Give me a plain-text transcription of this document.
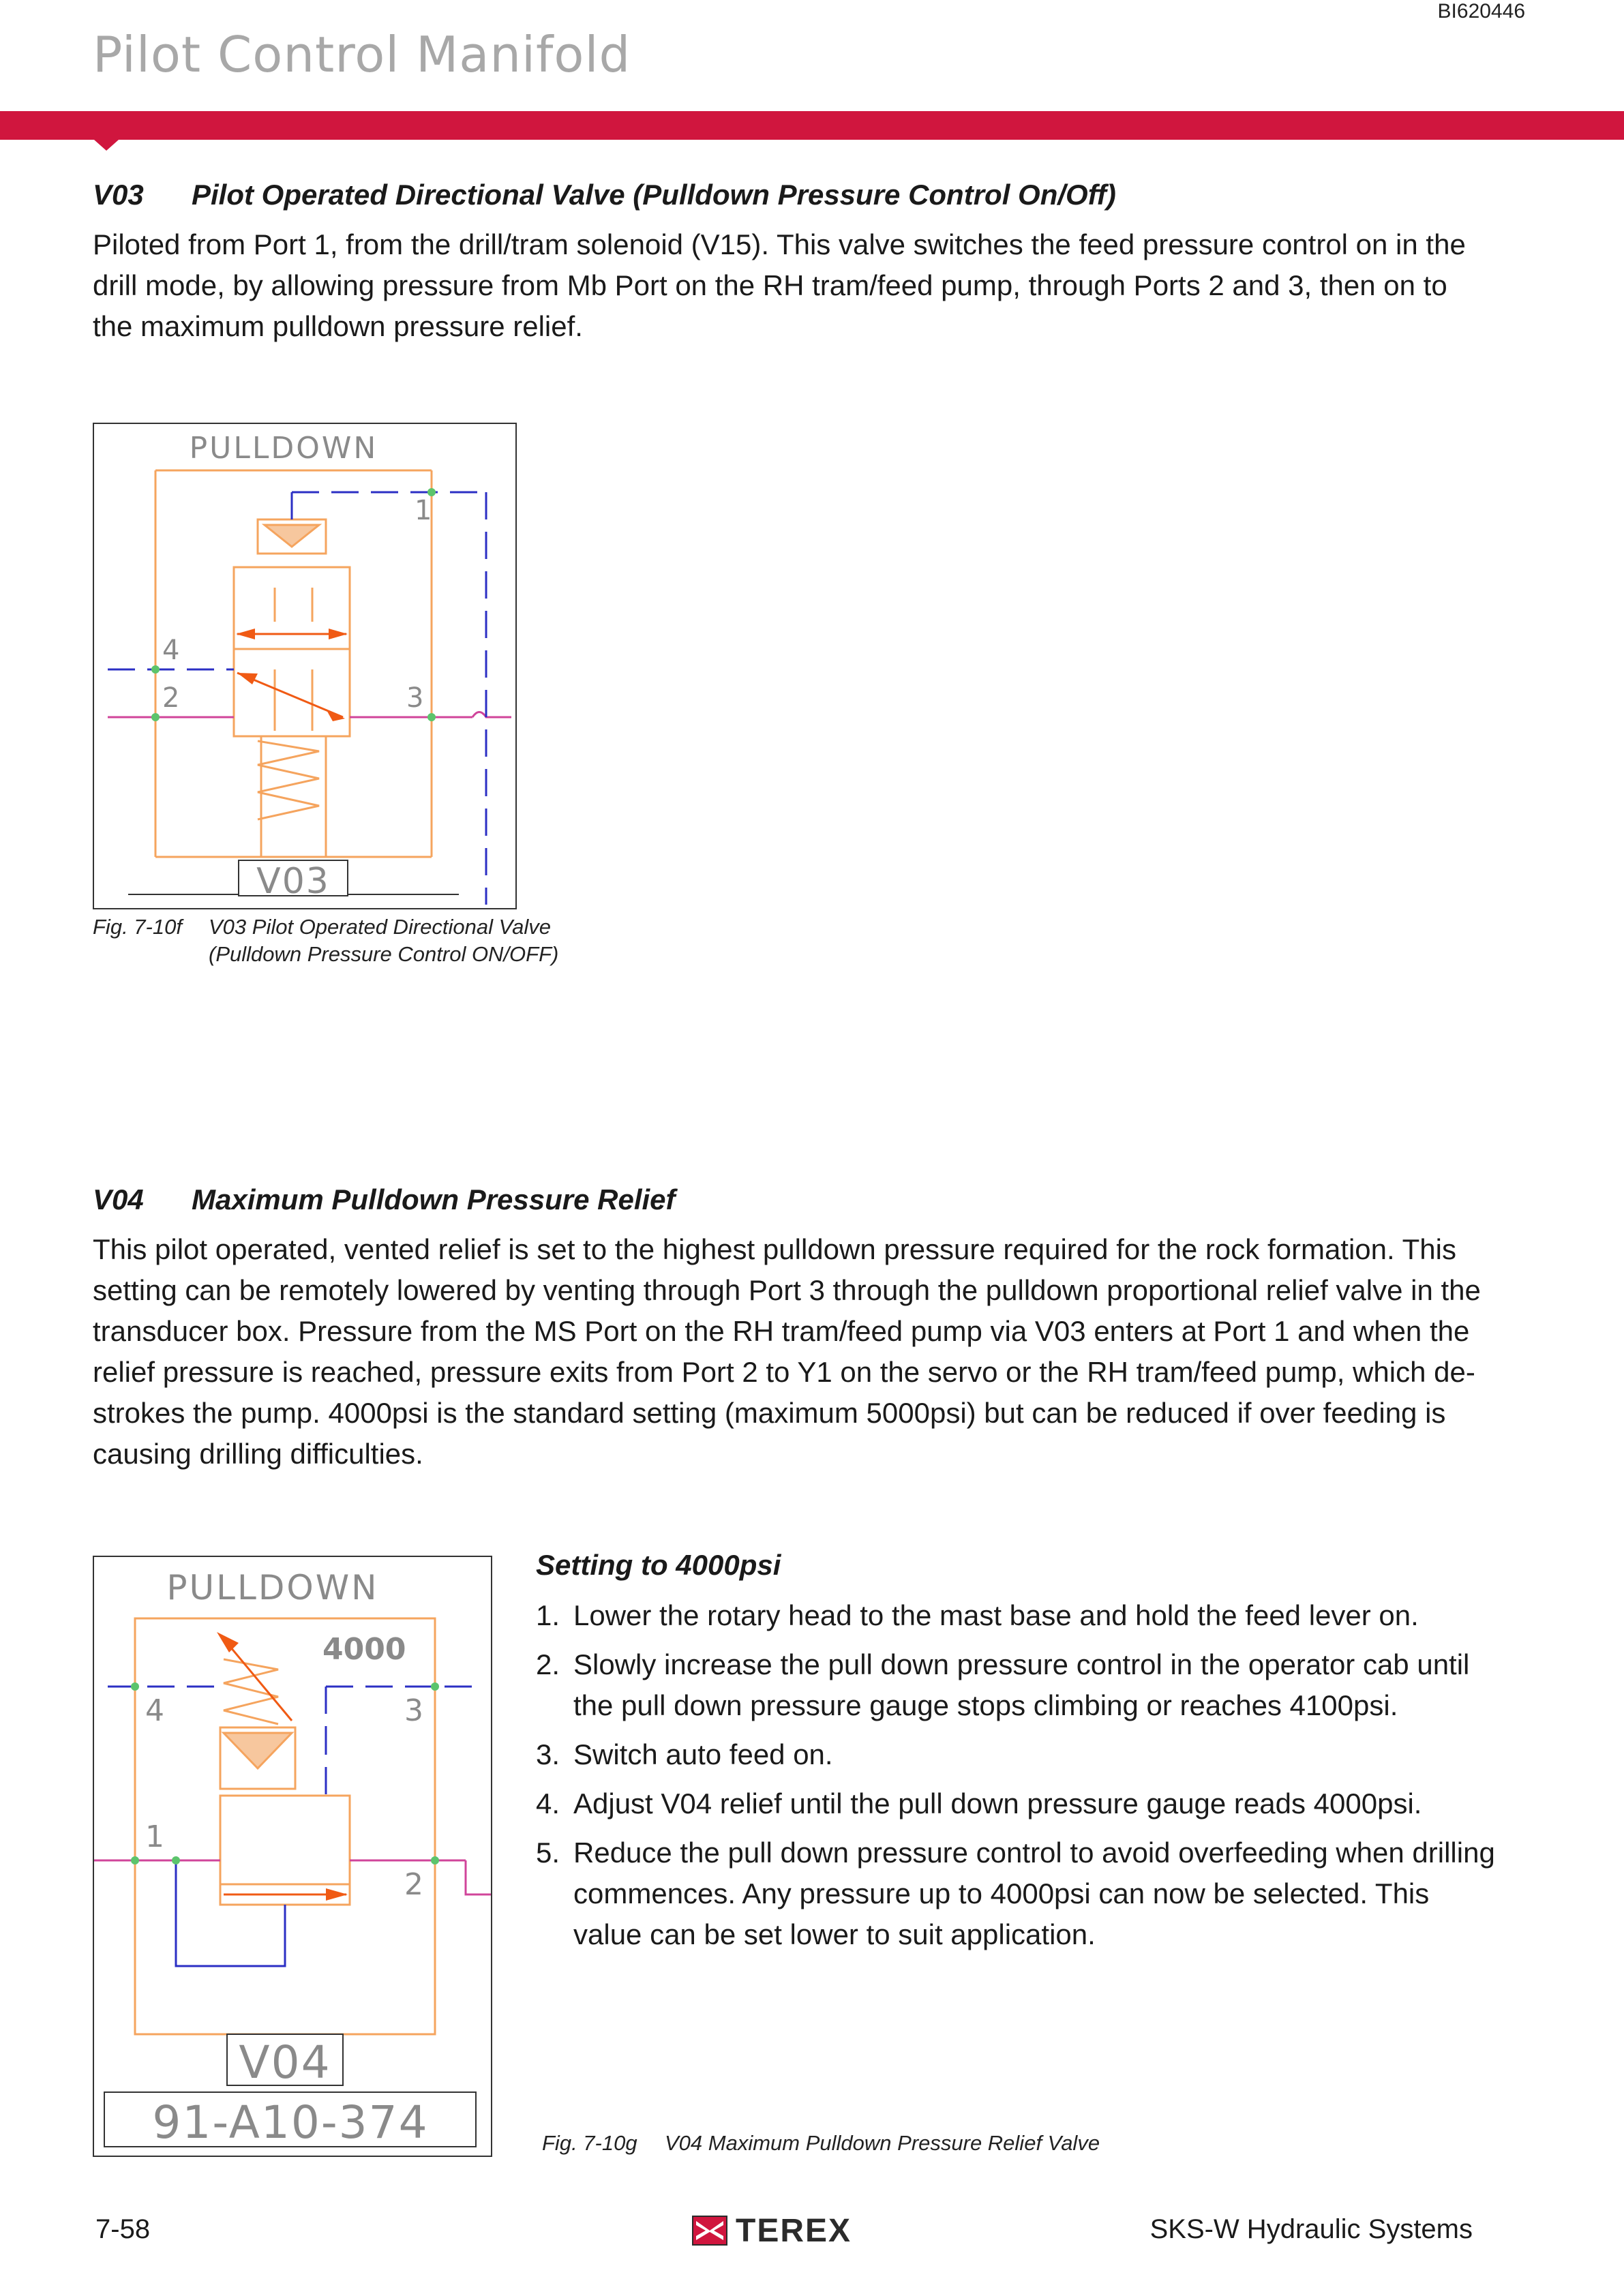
BI620446
Pilot Control Manifold
V03 Pilot Operated Directional Valve (Pulldown Pressure Control On/Off)

Piloted from Port 1, from the drill/tram solenoid (V15). This valve switches the feed pressure control on in the drill mode, by allowing pressure from Mb Port on the RH tram/feed pump, through Ports 2 and 3, then on to the maximum pulldown pressure relief.

PULLDOWN
1
4
2	3
V03
Fig. 7-10f V03 Pilot Operated Directional Valve
(Pulldown Pressure Control ON/OFF)
V04 Maximum Pulldown Pressure Relief

This pilot operated, vented relief is set to the highest pulldown pressure required for the rock formation. This setting can be remotely lowered by venting through Port 3 through the pulldown proportional relief valve in the transducer box. Pressure from the MS Port on the RH tram/feed pump via V03 enters at Port 1 and when the relief pressure is reached, pressure exits from Port 2 to Y1 on the servo or the RH tram/feed pump, which de-strokes the pump. 4000psi is the standard setting (maximum 5000psi) but can be reduced if over feeding is causing drilling difficulties.

PULLDOWN
4000
4	3
1
2
V04
91-A10-374
Setting to 4000psi
1. Lower the rotary head to the mast base and hold the feed lever on.
2. Slowly increase the pull down pressure control in the operator cab until the pull down pressure gauge stops climbing or reaches 4100psi.
3. Switch auto feed on.
4. Adjust V04 relief until the pull down pressure gauge reads 4000psi.
5. Reduce the pull down pressure control to avoid overfeeding when drilling commences. Any pressure up to 4000psi can now be selected. This value can be set lower to suit application.
Fig. 7-10g V04 Maximum Pulldown Pressure Relief Valve
7-58	TEREX	SKS-W Hydraulic Systems
